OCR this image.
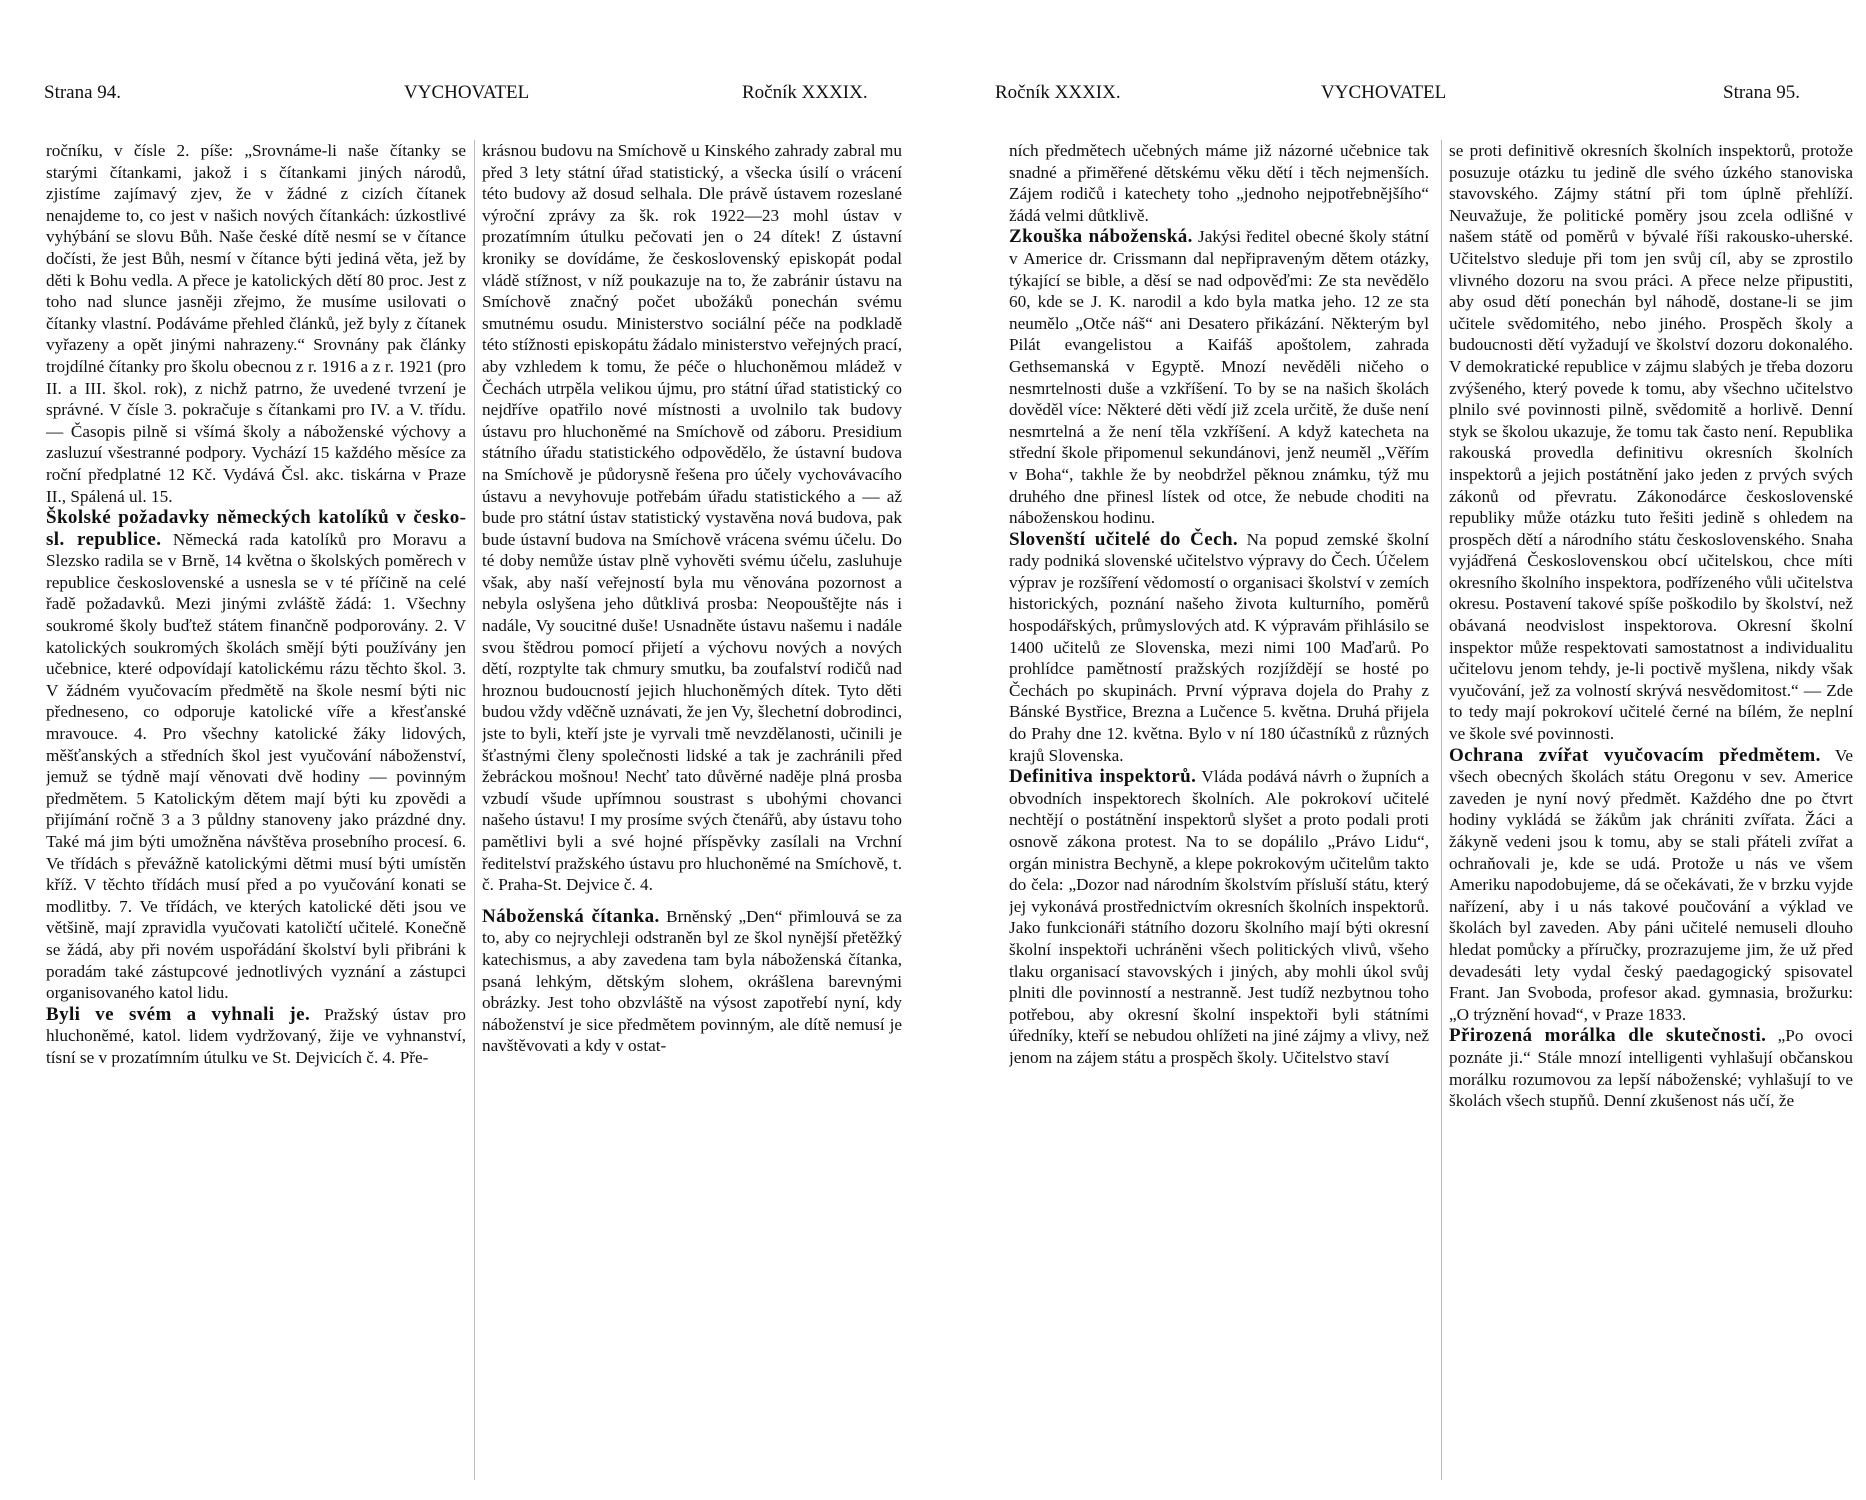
Strana 94.	VYCHOVATEL	Ročník XXXIX.

ročníku, v čísle 2. píše: „Srovnáme-li naše čítanky se starými čítankami, jakož i s čítankami jiných národů, zjistíme zajímavý zjev, že v žádné z cizích čítanek nenajdeme to, co jest v našich nových čítankách: úzkostlivé vyhýbání se slovu Bůh. Naše české dítě nesmí se v čítance dočísti, že jest Bůh, nesmí v čítance býti jediná věta, jež by děti k Bohu vedla. A přece je katolických dětí 80 proc. Jest z toho nad slunce jasněji zřejmo, že musíme usilovati o čítanky vlastní. Podáváme přehled článků, jež byly z čítanek vyřazeny a opět jinými nahrazeny.“ Srovnány pak články trojdílné čítanky pro školu obecnou z r. 1916 a z r. 1921 (pro II. a III. škol. rok), z nichž patrno, že uvedené tvrzení je správné. V čísle 3. pokračuje s čítankami pro IV. a V. třídu. — Časopis pilně si všímá školy a náboženské výchovy a zasluzuí všestranné podpory. Vychází 15 každého měsíce za roční předplatné 12 Kč. Vydává Čsl. akc. tiskárna v Praze II., Spálená ul. 15.

Školské požadavky německých katolíků v českosl. republice. Německá rada katolíků pro Moravu a Slezsko radila se v Brně, 14 května o školských poměrech v republice československé a usnesla se v té příčině na celé řadě požadavků. Mezi jinými zvláště žádá: 1. Všechny soukromé školy buďtež státem finančně podporovány. 2. V katolických soukromých školách smějí býti používány jen učebnice, které odpovídají katolickému rázu těchto škol. 3. V žádném vyučovacím předmětě na škole nesmí býti nic předneseno, co odporuje katolické víře a křesťanské mravouce. 4. Pro všechny katolické žáky lidových, měšťanských a středních škol jest vyučování náboženství, jemuž se týdně mají věnovati dvě hodiny — povinným předmětem. 5 Katolickým dětem mají býti ku zpovědi a přijímání ročně 3 a 3 půldny stanoveny jako prázdné dny. Také má jim býti umožněna návštěva prosebního procesí. 6. Ve třídách s převážně katolickými dětmi musí býti umístěn kříž. V těchto třídách musí před a po vyučování konati se modlitby. 7. Ve třídách, ve kterých katolické děti jsou ve většině, mají zpravidla vyučovati katoličtí učitelé. Konečně se žádá, aby při novém uspořádání školství byli přibráni k poradám také zástupcové jednotlivých vyznání a zástupci organisovaného katol lidu.

Byli ve svém a vyhnali je. Pražský ústav pro hluchoněmé, katol. lidem vydržovaný, žije ve vyhnanství, tísní se v prozatímním útulku ve St. Dejvicích č. 4. Pře-

krásnou budovu na Smíchově u Kinského zahrady zabral mu před 3 lety státní úřad statistický, a všecka úsilí o vrácení této budovy až dosud selhala. Dle právě ústavem rozeslané výroční zprávy za šk. rok 1922—23 mohl ústav v prozatímním útulku pečovati jen o 24 dítek! Z ústavní kroniky se dovídáme, že československý episkopát podal vládě stížnost, v níž poukazuje na to, že zabránir ústavu na Smíchově značný počet ubožáků ponechán svému smutnému osudu. Ministerstvo sociální péče na podkladě této stížnosti episkopátu žádalo ministerstvo veřejných prací, aby vzhledem k tomu, že péče o hluchoněmou mládež v Čechách utrpěla velikou újmu, pro státní úřad statistický co nejdříve opatřilo nové místnosti a uvolnilo tak budovy ústavu pro hluchoněmé na Smíchově od záboru. Presidium státního úřadu statistického odpovědělo, že ústavní budova na Smíchově je půdorysně řešena pro účely vychovávacího ústavu a nevyhovuje potřebám úřadu statistického a — až bude pro státní ústav statistický vystavěna nová budova, pak bude ústavní budova na Smíchově vrácena svému účelu. Do té doby nemůže ústav plně vyhověti svému účelu, zasluhuje však, aby naší veřejností byla mu věnována pozornost a nebyla oslyšena jeho důtklivá prosba: Neopouštějte nás i nadále, Vy soucitné duše! Usnadněte ústavu našemu i nadále svou štědrou pomocí přijetí a výchovu nových a nových dětí, rozptylte tak chmury smutku, ba zoufalství rodičů nad hroznou budoucností jejich hluchoněmých dítek. Tyto děti budou vždy vděčně uznávati, že jen Vy, šlechetní dobrodinci, jste to byli, kteří jste je vyrvali tmě nevzdělanosti, učinili je šťastnými členy společnosti lidské a tak je zachránili před žebráckou mošnou! Nechť tato důvěrné naděje plná prosba vzbudí všude upřímnou soustrast s ubohými chovanci našeho ústavu! I my prosíme svých čtenářů, aby ústavu toho pamětlivi byli a své hojné příspěvky zasílali na Vrchní ředitelství pražského ústavu pro hluchoněmé na Smíchově, t. č. Praha-St. Dejvice č. 4.

Náboženská čítanka. Brněnský „Den“ přimlouvá se za to, aby co nejrychleji odstraněn byl ze škol nynější přetěžký katechismus, a aby zavedena tam byla náboženská čítanka, psaná lehkým, dětským slohem, okrášlena barevnými obrázky. Jest toho obzvláště na výsost zapotřebí nyní, kdy náboženství je sice předmětem povinným, ale dítě nemusí je navštěvovati a kdy v ostat-

Ročník XXXIX.	VYCHOVATEL	Strana 95.

ních předmětech učebných máme již názorné učebnice tak snadné a přiměřené dětskému věku dětí i těch nejmenších. Zájem rodičů i katechety toho „jednoho nejpotřebnějšího“ žádá velmi důtklivě.

Zkouška náboženská. Jakýsi ředitel obecné školy státní v Americe dr. Crissmann dal nepřipraveným dětem otázky, týkající se bible, a děsí se nad odpověďmi: Ze sta nevědělo 60, kde se J. K. narodil a kdo byla matka jeho. 12 ze sta neumělo „Otče náš“ ani Desatero přikázání. Některým byl Pilát evangelistou a Kaifáš apoštolem, zahrada Gethsemanská v Egyptě. Mnozí nevěděli ničeho o nesmrtelnosti duše a vzkříšení. To by se na našich školách dověděl více: Některé děti vědí již zcela určitě, že duše není nesmrtelná a že není těla vzkříšení. A když katecheta na střední škole připomenul sekundánovi, jenž neuměl „Věřím v Boha“, takhle že by neobdržel pěknou známku, týž mu druhého dne přinesl lístek od otce, že nebude choditi na náboženskou hodinu.

Slovenští učitelé do Čech. Na popud zemské školní rady podniká slovenské učitelstvo výpravy do Čech. Účelem výprav je rozšíření vědomostí o organisaci školství v zemích historických, poznání našeho života kulturního, poměrů hospodářských, průmyslových atd. K výpravám přihlásilo se 1400 učitelů ze Slovenska, mezi nimi 100 Maďarů. Po prohlídce pamětností pražských rozjíždějí se hosté po Čechách po skupinách. První výprava dojela do Prahy z Bánské Bystřice, Brezna a Lučence 5. května. Druhá přijela do Prahy dne 12. května. Bylo v ní 180 účastníků z různých krajů Slovenska.

Definitiva inspektorů. Vláda podává návrh o župních a obvodních inspektorech školních. Ale pokrokoví učitelé nechtějí o postátnění inspektorů slyšet a proto podali proti osnově zákona protest. Na to se dopálilo „Právo Lidu“, orgán ministra Bechyně, a klepe pokrokovým učitelům takto do čela: „Dozor nad národním školstvím přísluší státu, který jej vykonává prostřednictvím okresních školních inspektorů. Jako funkcionáři státního dozoru školního mají býti okresní školní inspektoři uchráněni všech politických vlivů, všeho tlaku organisací stavovských i jiných, aby mohli úkol svůj plniti dle povinností a nestranně. Jest tudíž nezbytnou toho potřebou, aby okresní školní inspektoři byli státními úředníky, kteří se nebudou ohlížeti na jiné zájmy a vlivy, než jenom na zájem státu a prospěch školy. Učitelstvo staví

se proti definitivě okresních školních inspektorů, protože posuzuje otázku tu jedině dle svého úzkého stanoviska stavovského. Zájmy státní při tom úplně přehlíží. Neuvažuje, že politické poměry jsou zcela odlišné v našem státě od poměrů v bývalé říši rakousko-uherské. Učitelstvo sleduje při tom jen svůj cíl, aby se zprostilo vlivného dozoru na svou práci. A přece nelze připustiti, aby osud dětí ponechán byl náhodě, dostane-li se jim učitele svědomitého, nebo jiného. Prospěch školy a budoucnosti dětí vyžadují ve školství dozoru dokonalého. V demokratické republice v zájmu slabých je třeba dozoru zvýšeného, který povede k tomu, aby všechno učitelstvo plnilo své povinnosti pilně, svědomitě a horlivě. Denní styk se školou ukazuje, že tomu tak často není. Republika rakouská provedla definitivu okresních školních inspektorů a jejich postátnění jako jeden z prvých svých zákonů od převratu. Zákonodárce československé republiky může otázku tuto řešiti jedině s ohledem na prospěch dětí a národního státu československého. Snaha vyjádřená Československou obcí učitelskou, chce míti okresního školního inspektora, podřízeného vůli učitelstva okresu. Postavení takové spíše poškodilo by školství, než obávaná neodvislost inspektorova. Okresní školní inspektor může respektovati samostatnost a individualitu učitelovu jenom tehdy, je-li poctivě myšlena, nikdy však vyučování, jež za volností skrývá nesvědomitost.“ — Zde to tedy mají pokrokoví učitelé černé na bílém, že neplní ve škole své povinnosti.

Ochrana zvířat vyučovacím předmětem. Ve všech obecných školách státu Oregonu v sev. Americe zaveden je nyní nový předmět. Každého dne po čtvrt hodiny vykládá se žákům jak chrániti zvířata. Žáci a žákyně vedeni jsou k tomu, aby se stali přáteli zvířat a ochraňovali je, kde se udá. Protože u nás ve všem Ameriku napodobujeme, dá se očekávati, že v brzku vyjde nařízení, aby i u nás takové poučování a výklad ve školách byl zaveden. Aby páni učitelé nemuseli dlouho hledat pomůcky a příručky, prozrazujeme jim, že už před devadesáti lety vydal český paedagogický spisovatel Frant. Jan Svoboda, profesor akad. gymnasia, brožurku: „O trýznění hovad“, v Praze 1833.

Přirozená morálka dle skutečnosti. „Po ovoci poznáte ji.“ Stále mnozí intelligenti vyhlašují občanskou morálku rozumovou za lepší náboženské; vyhlašují to ve školách všech stupňů. Denní zkušenost nás učí, že
